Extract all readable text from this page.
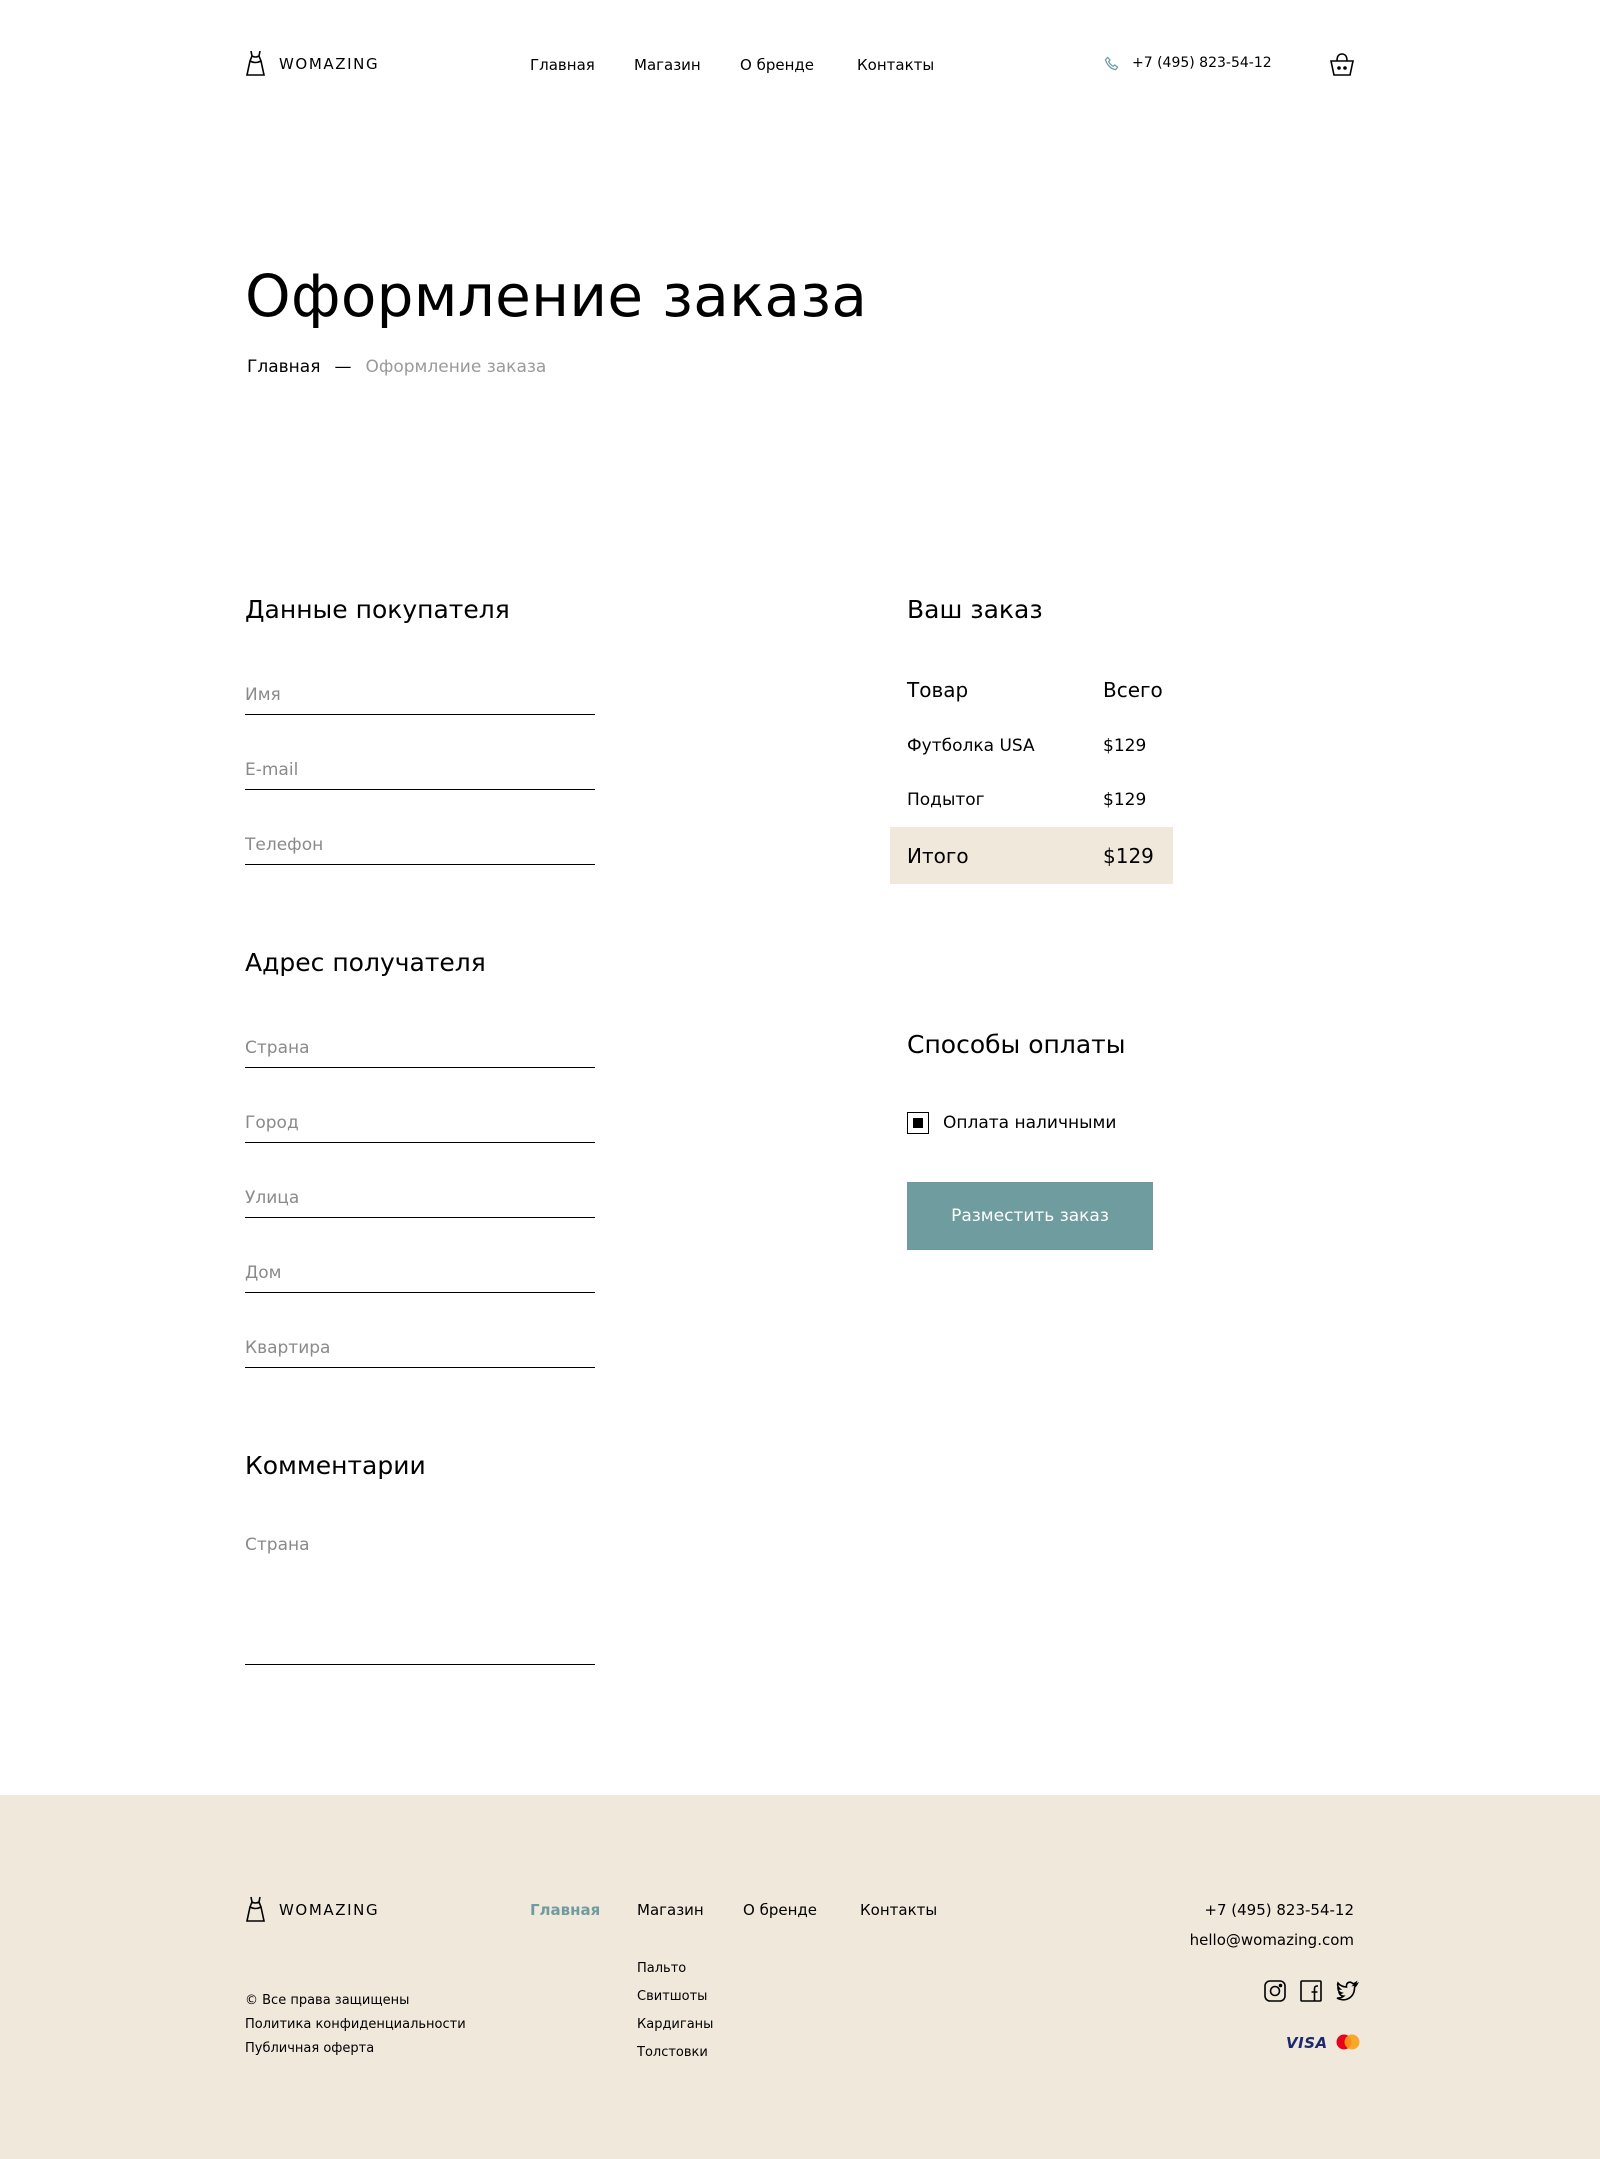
WOMAZING	Главная	Магазин	О бренде	Контакты	+7 (495) 823-54-12
Оформление заказа
Главная — Оформление заказа
Данные покупателя
Имя
E-mail
Телефон
Адрес получателя
Страна
Город
Улица
Дом
Квартира
Комментарии
Страна
Ваш заказ
Товар	Всего
Футболка USA	$129
Подытог	$129
Итого	$129
Способы оплаты
Оплата наличными
Разместить заказ
WOMAZING	Главная Магазин	О бренде	Контакты
Пальто
Свитшоты
Кардиганы
Толстовки
© Все права защищены
Политика конфиденциальности
Публичная оферта
+7 (495) 823-54-12
hello@womazing.com
VISA
